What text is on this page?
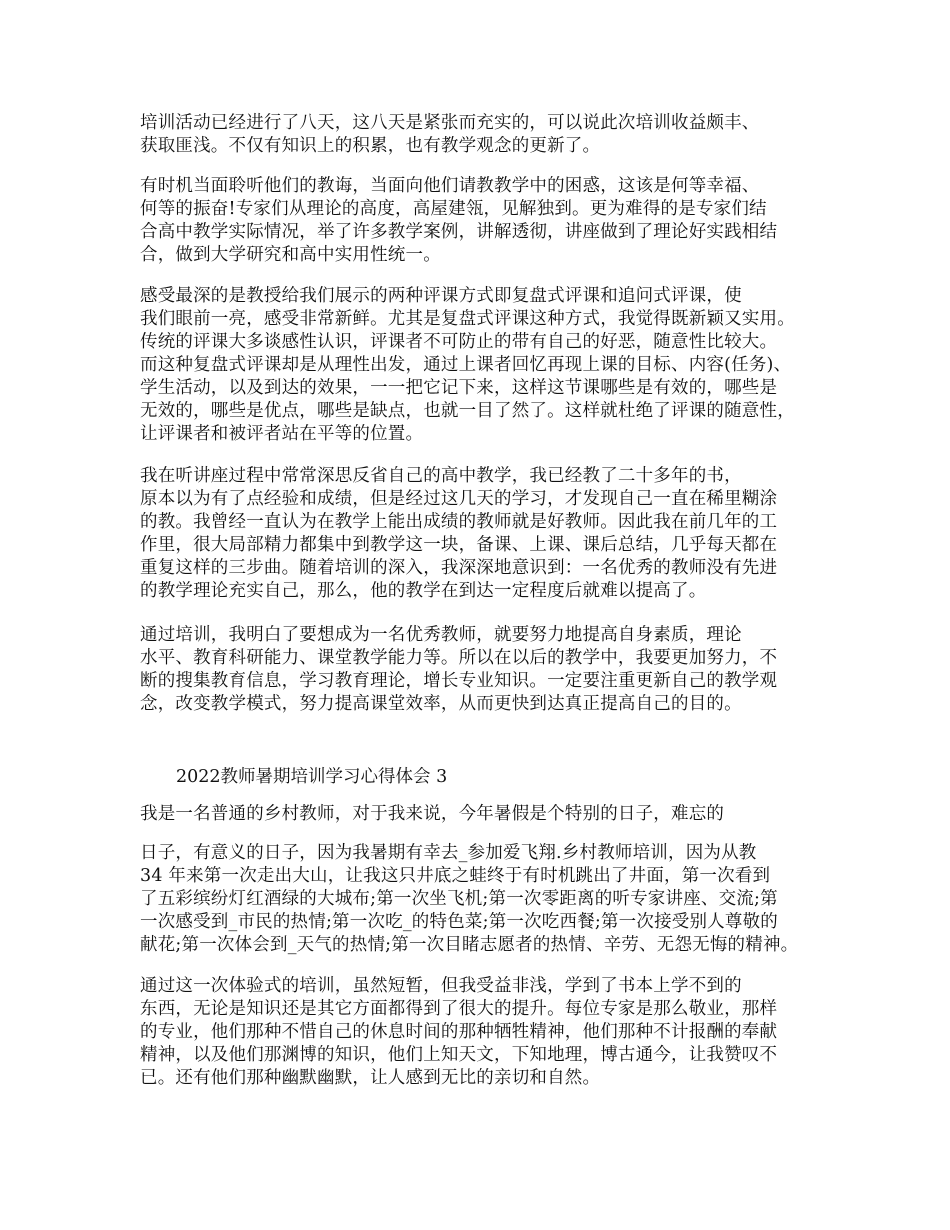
培训活动已经进行了八天，这八天是紧张而充实的，可以说此次培训收益颇丰、
获取匪浅。不仅有知识上的积累，也有教学观念的更新了。
有时机当面聆听他们的教诲，当面向他们请教教学中的困惑，这该是何等幸福、
何等的振奋!专家们从理论的高度，高屋建瓴，见解独到。更为难得的是专家们结
合高中教学实际情况，举了许多教学案例，讲解透彻，讲座做到了理论好实践相结
合，做到大学研究和高中实用性统一。
感受最深的是教授给我们展示的两种评课方式即复盘式评课和追问式评课，使
我们眼前一亮，感受非常新鲜。尤其是复盘式评课这种方式，我觉得既新颖又实用。
传统的评课大多谈感性认识，评课者不可防止的带有自己的好恶，随意性比较大。
而这种复盘式评课却是从理性出发，通过上课者回忆再现上课的目标、内容(任务)、
学生活动，以及到达的效果，一一把它记下来，这样这节课哪些是有效的，哪些是
无效的，哪些是优点，哪些是缺点，也就一目了然了。这样就杜绝了评课的随意性，
让评课者和被评者站在平等的位置。
我在听讲座过程中常常深思反省自己的高中教学，我已经教了二十多年的书，
原本以为有了点经验和成绩，但是经过这几天的学习，才发现自己一直在稀里糊涂
的教。我曾经一直认为在教学上能出成绩的教师就是好教师。因此我在前几年的工
作里，很大局部精力都集中到教学这一块，备课、上课、课后总结，几乎每天都在
重复这样的三步曲。随着培训的深入，我深深地意识到：一名优秀的教师没有先进
的教学理论充实自己，那么，他的教学在到达一定程度后就难以提高了。
通过培训，我明白了要想成为一名优秀教师，就要努力地提高自身素质，理论
水平、教育科研能力、课堂教学能力等。所以在以后的教学中，我要更加努力，不
断的搜集教育信息，学习教育理论，增长专业知识。一定要注重更新自己的教学观
念，改变教学模式，努力提高课堂效率，从而更快到达真正提高自己的目的。
2022教师暑期培训学习心得体会 3
我是一名普通的乡村教师，对于我来说，今年暑假是个特别的日子，难忘的
日子，有意义的日子，因为我暑期有幸去_参加爱飞翔.乡村教师培训，因为从教
34 年来第一次走出大山，让我这只井底之蛙终于有时机跳出了井面，第一次看到
了五彩缤纷灯红酒绿的大城布;第一次坐飞机;第一次零距离的听专家讲座、交流;第
一次感受到_市民的热情;第一次吃_的特色菜;第一次吃西餐;第一次接受别人尊敬的
献花;第一次体会到_天气的热情;第一次目睹志愿者的热情、辛劳、无怨无悔的精神。
通过这一次体验式的培训，虽然短暂，但我受益非浅，学到了书本上学不到的
东西，无论是知识还是其它方面都得到了很大的提升。每位专家是那么敬业，那样
的专业，他们那种不惜自己的休息时间的那种牺牲精神，他们那种不计报酬的奉献
精神，以及他们那渊博的知识，他们上知天文，下知地理，博古通今，让我赞叹不
已。还有他们那种幽默幽默，让人感到无比的亲切和自然。
